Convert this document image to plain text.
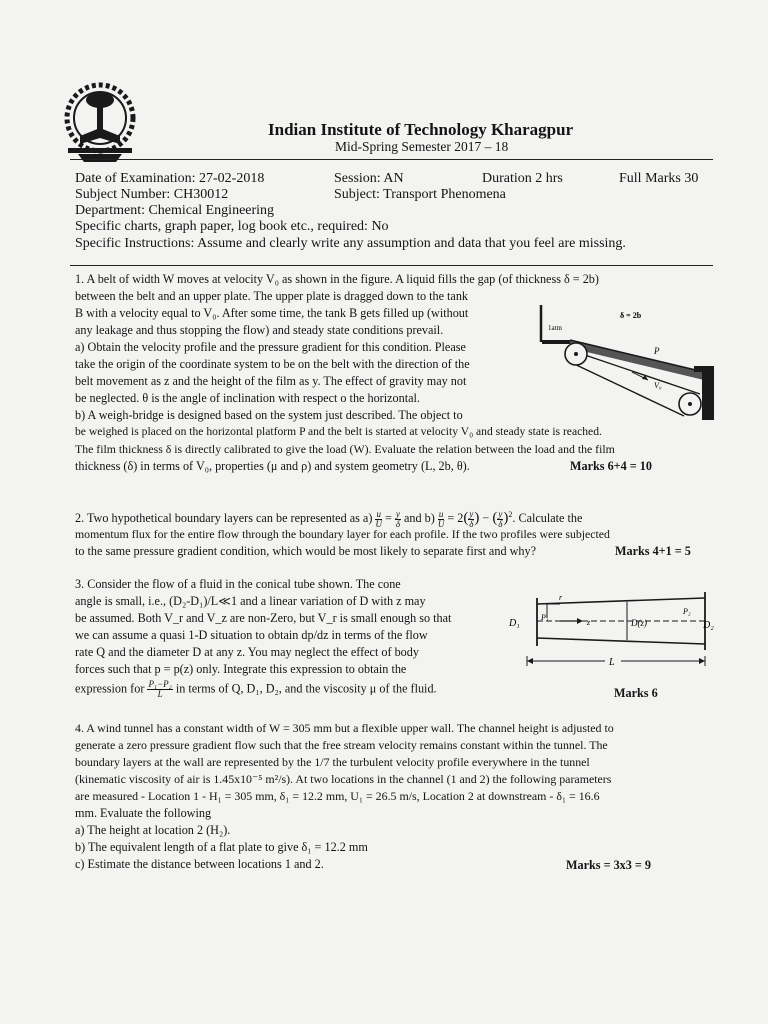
Indian Institute of Technology Kharagpur
Mid-Spring Semester 2017 – 18
Date of Examination: 27-02-2018	Session: AN	Duration 2 hrs	Full Marks 30
Subject Number: CH30012	Subject: Transport Phenomena
Department: Chemical Engineering
Specific charts, graph paper, log book etc., required: No
Specific Instructions: Assume and clearly write any assumption and data that you feel are missing.
1. A belt of width W moves at velocity V₀ as shown in the figure. A liquid fills the gap (of thickness δ = 2b)
between the belt and an upper plate. The upper plate is dragged down to the tank
B with a velocity equal to V₀. After some time, the tank B gets filled up (without
any leakage and thus stopping the flow) and steady state conditions prevail.
a) Obtain the velocity profile and the pressure gradient for this condition. Please
take the origin of the coordinate system to be on the belt with the direction of the
belt movement as z and the height of the film as y. The effect of gravity may not
be neglected. θ is the angle of inclination with respect o the horizontal.
b) A weigh-bridge is designed based on the system just described. The object to
be weighed is placed on the horizontal platform P and the belt is started at velocity V₀ and steady state is reached.
The film thickness δ is directly calibrated to give the load (W). Evaluate the relation between the load and the film
thickness (δ) in terms of V₀, properties (μ and ρ) and system geometry (L, 2b, θ).	Marks 6+4 = 10
δ = 2b
1atm
P
V₀
2. Two hypothetical boundary layers can be represented as $a) \frac{u}{U} = \frac{y}{\delta}$ and $b) \frac{u}{U} = 2( \frac{y}{\delta}$ ) − ( $\frac{y}{\delta} )^2$. Calculate the
momentum flux for the entire flow through the boundary layer for each profile. If the two profiles were subjected
to the same pressure gradient condition, which would be most likely to separate first and why?	Marks 4+1 = 5
3. Consider the flow of a fluid in the conical tube shown. The cone
angle is small, i.e., (D₂-D₁)/L≪1 and a linear variation of D with z may
be assumed. Both V_r and V_z are non-Zero, but V_r is small enough so that
we can assume a quasi 1-D situation to obtain dp/dz in terms of the flow
rate Q and the diameter D at any z. You may neglect the effect of body
forces such that p = p(z) only. Integrate this expression to obtain the
expression for $\frac{\text{P₁−P₂}}{L}$ in terms of Q, D₁, D₂, and the viscosity μ of the fluid.	Marks 6
D₁
P₁
z	D(z)
P₂
D₂
r
L
4. A wind tunnel has a constant width of W = 305 mm but a flexible upper wall. The channel height is adjusted to
generate a zero pressure gradient flow such that the free stream velocity remains constant within the tunnel. The
boundary layers at the wall are represented by the 1/7 the turbulent velocity profile everywhere in the tunnel
(kinematic viscosity of air is 1.45x10⁻⁵ m²/s). At two locations in the channel (1 and 2) the following parameters
are measured - Location 1 - H₁ = 305 mm, δ₁ = 12.2 mm, U₁ = 26.5 m/s, Location 2 at downstream - δ₁ = 16.6
mm. Evaluate the following
a) The height at location 2 (H₂).
b) The equivalent length of a flat plate to give δ₁ = 12.2 mm
c) Estimate the distance between locations 1 and 2.	Marks = 3x3 = 9
